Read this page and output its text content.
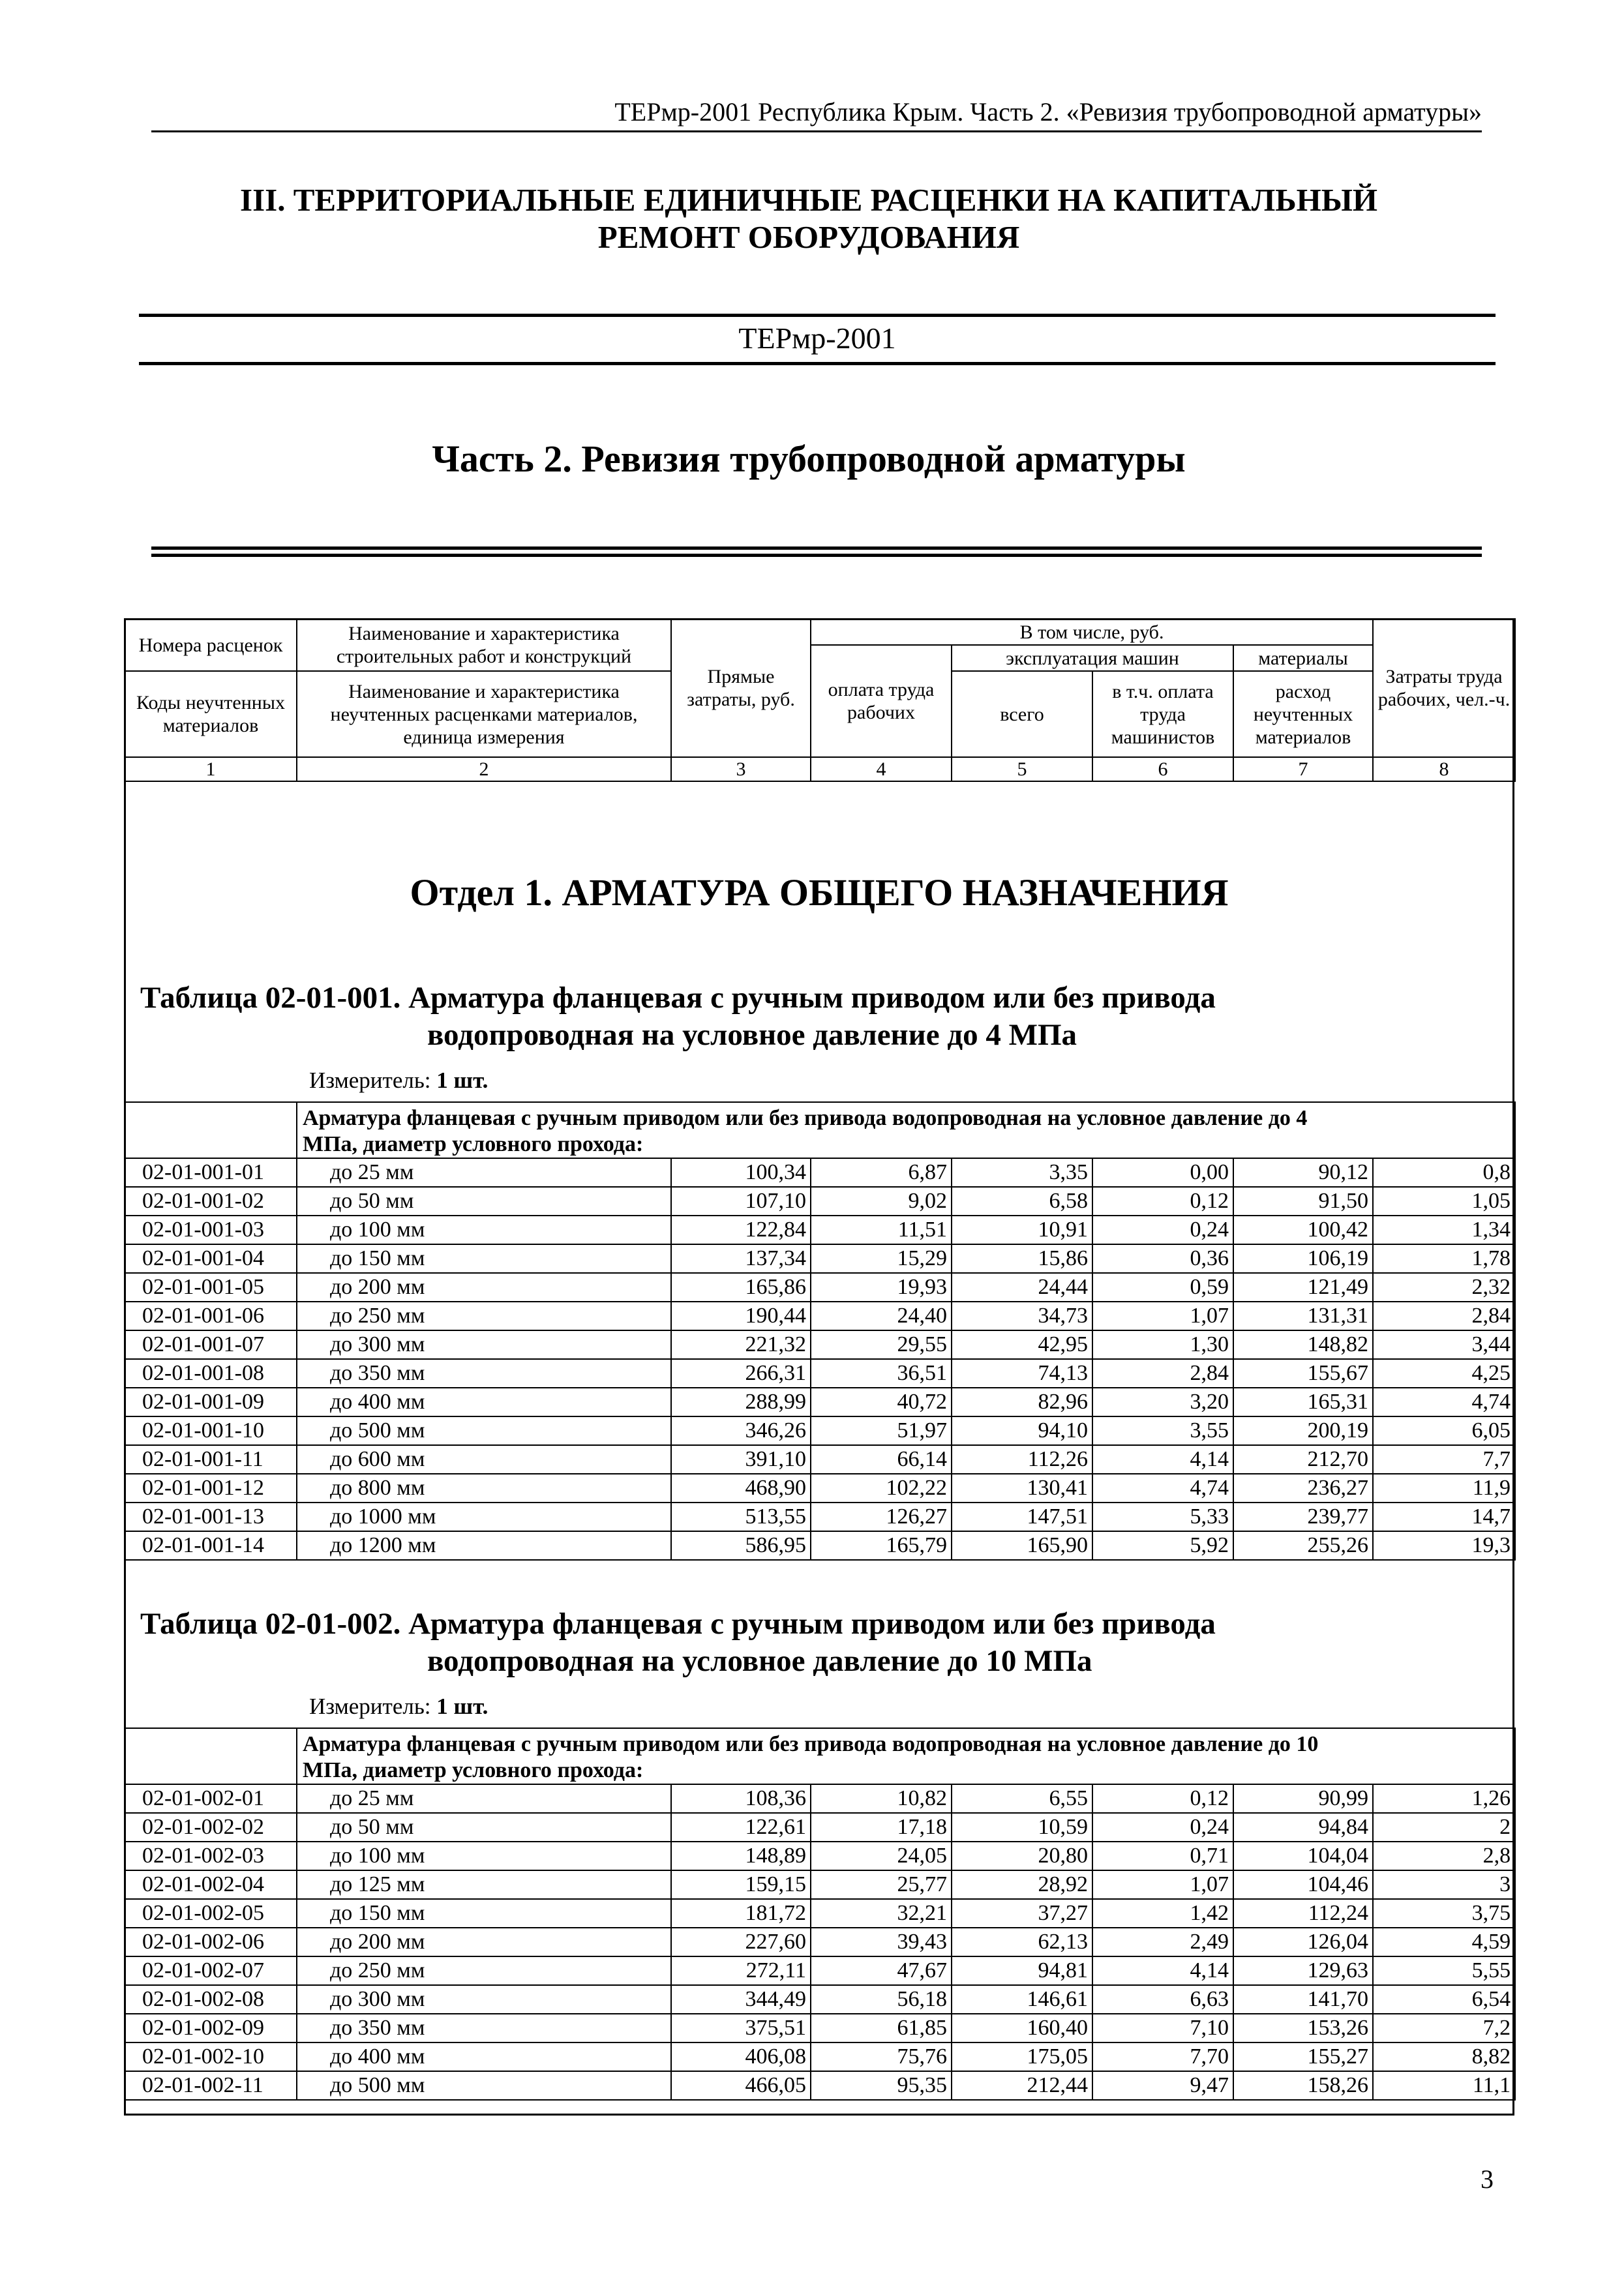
ТЕРмр-2001 Республика Крым. Часть 2. «Ревизия трубопроводной арматуры»
III. ТЕРРИТОРИАЛЬНЫЕ ЕДИНИЧНЫЕ РАСЦЕНКИ НА КАПИТАЛЬНЫЙ
РЕМОНТ ОБОРУДОВАНИЯ
ТЕРмр-2001
Часть 2. Ревизия трубопроводной арматуры
Номера расценок	Наименование и характеристика строительных работ и конструкций	Прямые затраты, руб.	В том числе, руб.				Затраты труда рабочих, чел.-ч.
			оплата труда рабочих	эксплуатация машин		материалы	
Коды неучтенных материалов	Наименование и характеристика неучтенных расценками материалов, единица измерения			всего	в т.ч. оплата труда машинистов	расход неучтенных материалов	
1	2	3	4	5	6	7	8
Отдел 1. АРМАТУРА ОБЩЕГО НАЗНАЧЕНИЯ
Таблица 02-01-001. Арматура фланцевая с ручным приводом или без привода
водопроводная на условное давление до 4 МПа
Измеритель: 1 шт.
	Арматура фланцевая с ручным приводом или без привода водопроводная на условное давление до 4
МПа, диаметр условного прохода:						
02-01-001-01	до 25 мм	100,34	6,87	3,35	0,00	90,12	0,8
02-01-001-02	до 50 мм	107,10	9,02	6,58	0,12	91,50	1,05
02-01-001-03	до 100 мм	122,84	11,51	10,91	0,24	100,42	1,34
02-01-001-04	до 150 мм	137,34	15,29	15,86	0,36	106,19	1,78
02-01-001-05	до 200 мм	165,86	19,93	24,44	0,59	121,49	2,32
02-01-001-06	до 250 мм	190,44	24,40	34,73	1,07	131,31	2,84
02-01-001-07	до 300 мм	221,32	29,55	42,95	1,30	148,82	3,44
02-01-001-08	до 350 мм	266,31	36,51	74,13	2,84	155,67	4,25
02-01-001-09	до 400 мм	288,99	40,72	82,96	3,20	165,31	4,74
02-01-001-10	до 500 мм	346,26	51,97	94,10	3,55	200,19	6,05
02-01-001-11	до 600 мм	391,10	66,14	112,26	4,14	212,70	7,7
02-01-001-12	до 800 мм	468,90	102,22	130,41	4,74	236,27	11,9
02-01-001-13	до 1000 мм	513,55	126,27	147,51	5,33	239,77	14,7
02-01-001-14	до 1200 мм	586,95	165,79	165,90	5,92	255,26	19,3
Таблица 02-01-002. Арматура фланцевая с ручным приводом или без привода
водопроводная на условное давление до 10 МПа
Измеритель: 1 шт.
	Арматура фланцевая с ручным приводом или без привода водопроводная на условное давление до 10
МПа, диаметр условного прохода:						
02-01-002-01	до 25 мм	108,36	10,82	6,55	0,12	90,99	1,26
02-01-002-02	до 50 мм	122,61	17,18	10,59	0,24	94,84	2
02-01-002-03	до 100 мм	148,89	24,05	20,80	0,71	104,04	2,8
02-01-002-04	до 125 мм	159,15	25,77	28,92	1,07	104,46	3
02-01-002-05	до 150 мм	181,72	32,21	37,27	1,42	112,24	3,75
02-01-002-06	до 200 мм	227,60	39,43	62,13	2,49	126,04	4,59
02-01-002-07	до 250 мм	272,11	47,67	94,81	4,14	129,63	5,55
02-01-002-08	до 300 мм	344,49	56,18	146,61	6,63	141,70	6,54
02-01-002-09	до 350 мм	375,51	61,85	160,40	7,10	153,26	7,2
02-01-002-10	до 400 мм	406,08	75,76	175,05	7,70	155,27	8,82
02-01-002-11	до 500 мм	466,05	95,35	212,44	9,47	158,26	11,1
3
